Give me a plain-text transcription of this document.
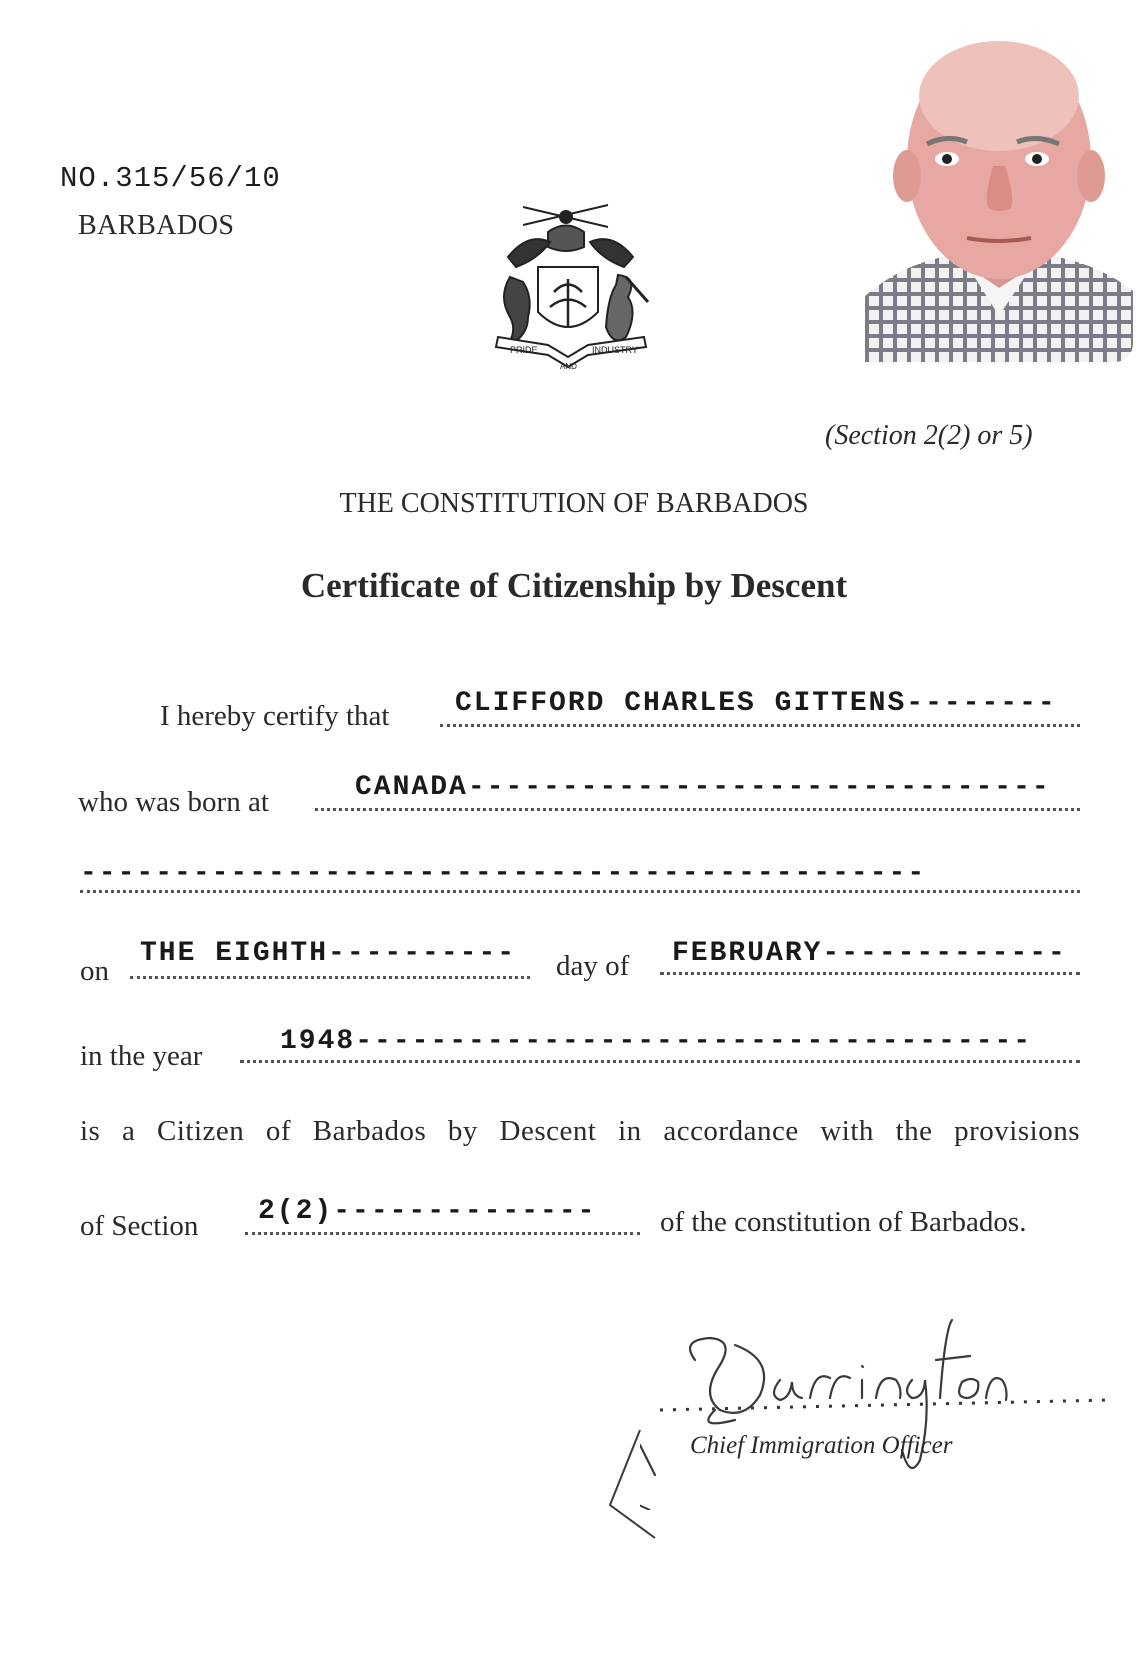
NO.315/56/10
BARBADOS
PRIDE
AND
INDUSTRY
(Section 2(2) or 5)
THE CONSTITUTION OF BARBADOS
Certificate of Citizenship by Descent
I hereby certify that CLIFFORD CHARLES GITTENS--------
who was born at	CANADA-------------------------------
---------------------------------------------
on
THE EIGHTH---------- day of FEBRUARY-------------
in the year	1948------------------------------------
is a Citizen of Barbados by Descent in accordance with the provisions
of Section 2(2)-------------- of the constitution of Barbados.
Chief Immigration Officer
